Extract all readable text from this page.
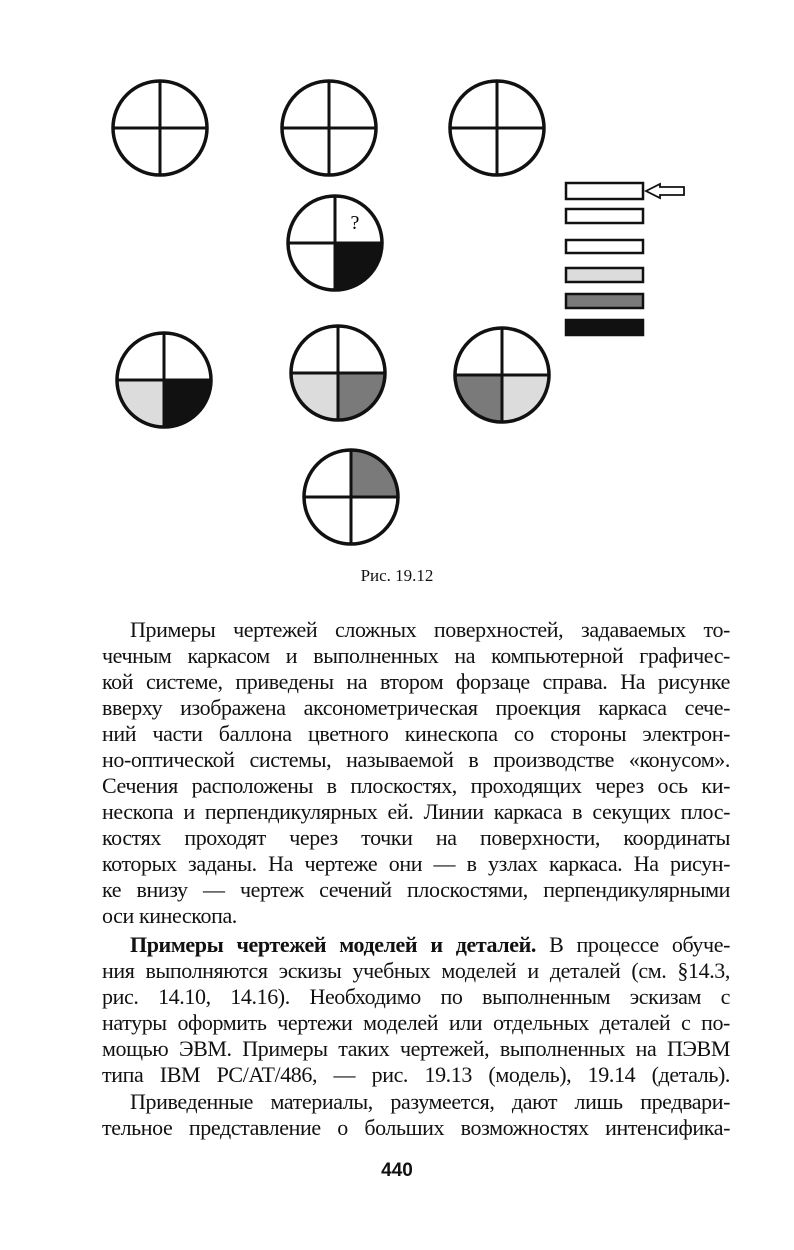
?
Рис. 19.12
Примеры чертежей сложных поверхностей, задаваемых то-
чечным каркасом и выполненных на компьютерной графичес-
кой системе, приведены на втором форзаце справа. На рисунке
вверху изображена аксонометрическая проекция каркаса сече-
ний части баллона цветного кинескопа со стороны электрон-
но-оптической системы, называемой в производстве «конусом».
Сечения расположены в плоскостях, проходящих через ось ки-
нескопа и перпендикулярных ей. Линии каркаса в секущих плос-
костях проходят через точки на поверхности, координаты
которых заданы. На чертеже они — в узлах каркаса. На рисун-
ке внизу — чертеж сечений плоскостями, перпендикулярными
оси кинескопа.
Примеры чертежей моделей и деталей. В процессе обуче-
ния выполняются эскизы учебных моделей и деталей (см. §14.3,
рис. 14.10, 14.16). Необходимо по выполненным эскизам с
натуры оформить чертежи моделей или отдельных деталей с по-
мощью ЭВМ. Примеры таких чертежей, выполненных на ПЭВМ
типа IBM PC/AT/486, — рис. 19.13 (модель), 19.14 (деталь).
Приведенные материалы, разумеется, дают лишь предвари-
тельное представление о больших возможностях интенсифика-
440
